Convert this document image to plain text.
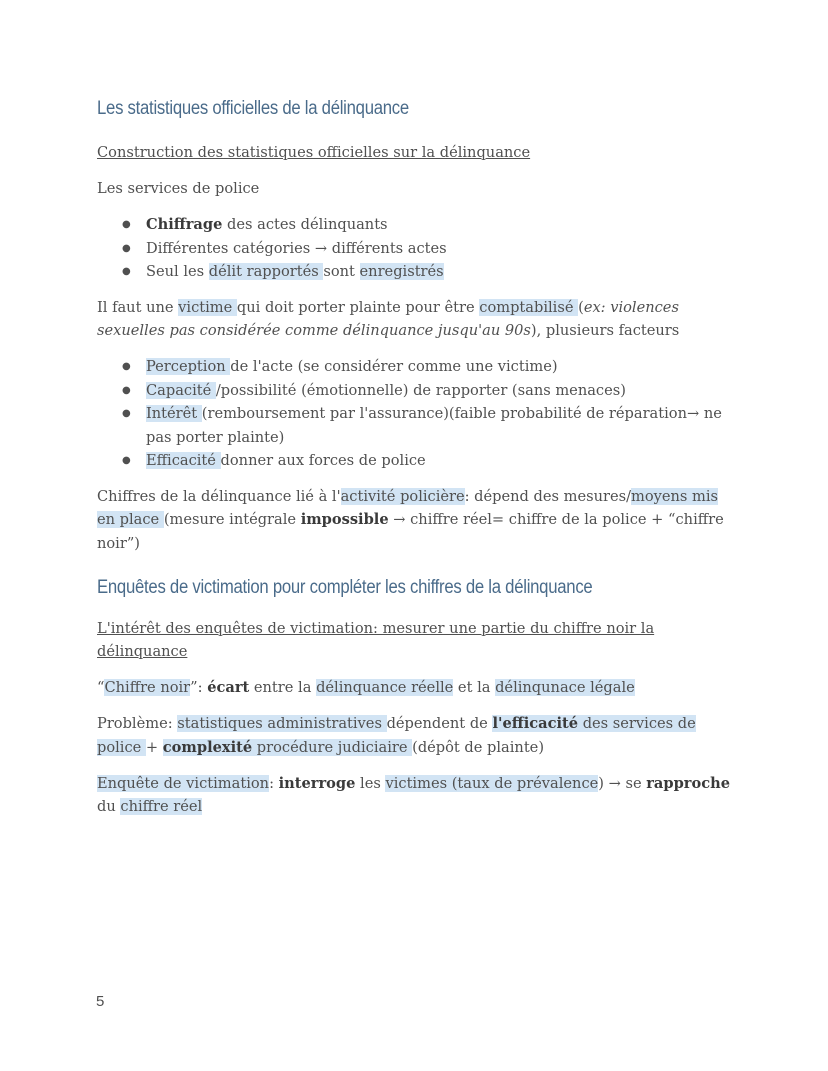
Les statistiques officielles de la délinquance

Construction des statistiques officielles sur la délinquance

Les services de police

● Chiffrage des actes délinquants
● Différentes catégories → différents actes
● Seul les délit rapportés sont enregistrés

Il faut une victime qui doit porter plainte pour être comptabilisé (ex: violences sexuelles pas considérée comme délinquance jusqu'au 90s), plusieurs facteurs

● Perception de l'acte (se considérer comme une victime)
● Capacité /possibilité (émotionnelle) de rapporter (sans menaces)
● Intérêt (remboursement par l'assurance)(faible probabilité de réparation→ ne pas porter plainte)
● Efficacité donner aux forces de police

Chiffres de la délinquance lié à l'activité policière: dépend des mesures/moyens mis en place (mesure intégrale impossible → chiffre réel= chiffre de la police + “chiffre noir”)

Enquêtes de victimation pour compléter les chiffres de la délinquance

L'intérêt des enquêtes de victimation: mesurer une partie du chiffre noir la délinquance

“Chiffre noir”: écart entre la délinquance réelle et la délinqunace légale

Problème: statistiques administratives dépendent de l'efficacité des services de police + complexité procédure judiciaire (dépôt de plainte)

Enquête de victimation: interroge les victimes (taux de prévalence) → se rapproche du chiffre réel

5
